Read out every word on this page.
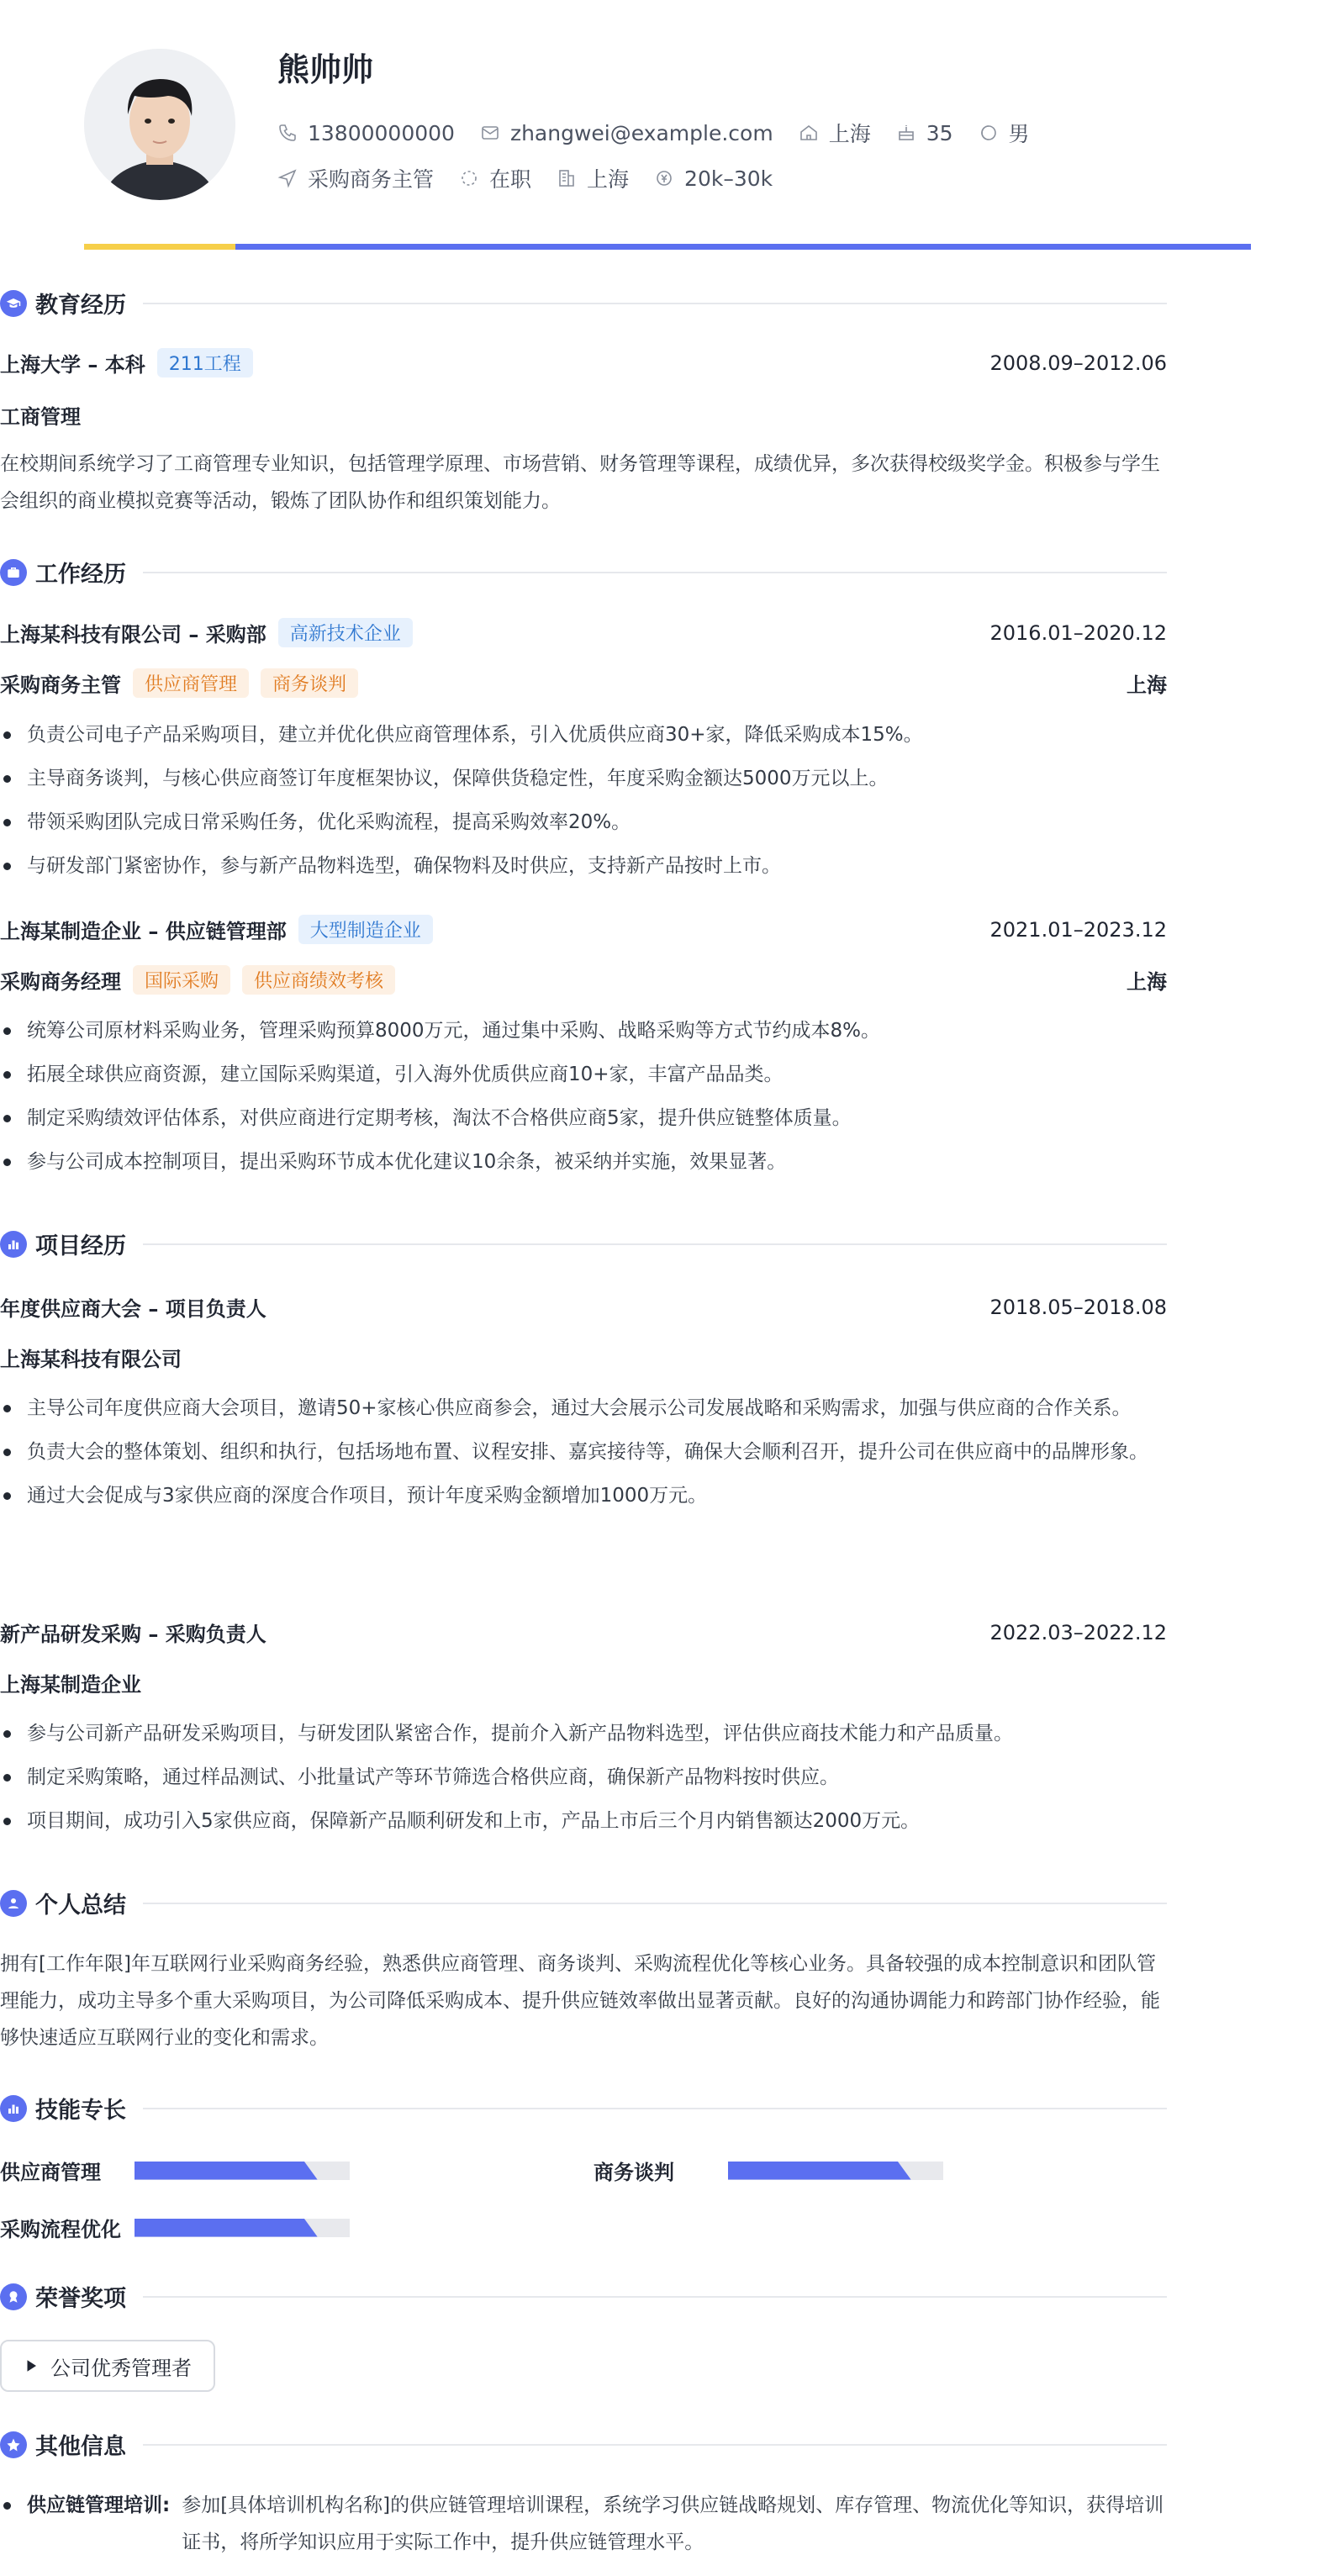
熊帅帅
13800000000	zhangwei@example.com	上海	35	男
采购商务主管	在职	上海	20k–30k
教育经历
上海大学 – 本科	211工程	2008.09–2012.06
工商管理
在校期间系统学习了工商管理专业知识，包括管理学原理、市场营销、财务管理等课程，成绩优异，多次获得校级奖学金。积极参与学生会组织的商业模拟竞赛等活动，锻炼了团队协作和组织策划能力。
工作经历
上海某科技有限公司 – 采购部	高新技术企业	2016.01–2020.12
采购商务主管	供应商管理	商务谈判	上海
负责公司电子产品采购项目，建立并优化供应商管理体系，引入优质供应商30+家，降低采购成本15%。
主导商务谈判，与核心供应商签订年度框架协议，保障供货稳定性，年度采购金额达5000万元以上。
带领采购团队完成日常采购任务，优化采购流程，提高采购效率20%。
与研发部门紧密协作，参与新产品物料选型，确保物料及时供应，支持新产品按时上市。
上海某制造企业 – 供应链管理部	大型制造企业	2021.01–2023.12
采购商务经理	国际采购	供应商绩效考核	上海
统筹公司原材料采购业务，管理采购预算8000万元，通过集中采购、战略采购等方式节约成本8%。
拓展全球供应商资源，建立国际采购渠道，引入海外优质供应商10+家，丰富产品品类。
制定采购绩效评估体系，对供应商进行定期考核，淘汰不合格供应商5家，提升供应链整体质量。
参与公司成本控制项目，提出采购环节成本优化建议10余条，被采纳并实施，效果显著。
项目经历
年度供应商大会 – 项目负责人	2018.05–2018.08
上海某科技有限公司
主导公司年度供应商大会项目，邀请50+家核心供应商参会，通过大会展示公司发展战略和采购需求，加强与供应商的合作关系。
负责大会的整体策划、组织和执行，包括场地布置、议程安排、嘉宾接待等，确保大会顺利召开，提升公司在供应商中的品牌形象。
通过大会促成与3家供应商的深度合作项目，预计年度采购金额增加1000万元。
新产品研发采购 – 采购负责人	2022.03–2022.12
上海某制造企业
参与公司新产品研发采购项目，与研发团队紧密合作，提前介入新产品物料选型，评估供应商技术能力和产品质量。
制定采购策略，通过样品测试、小批量试产等环节筛选合格供应商，确保新产品物料按时供应。
项目期间，成功引入5家供应商，保障新产品顺利研发和上市，产品上市后三个月内销售额达2000万元。
个人总结
拥有[工作年限]年互联网行业采购商务经验，熟悉供应商管理、商务谈判、采购流程优化等核心业务。具备较强的成本控制意识和团队管理能力，成功主导多个重大采购项目，为公司降低采购成本、提升供应链效率做出显著贡献。良好的沟通协调能力和跨部门协作经验，能够快速适应互联网行业的变化和需求。
技能专长
供应商管理	商务谈判
采购流程优化
荣誉奖项
公司优秀管理者
其他信息
供应链管理培训: 参加[具体培训机构名称]的供应链管理培训课程，系统学习供应链战略规划、库存管理、物流优化等知识，获得培训证书，将所学知识应用于实际工作中，提升供应链管理水平。
